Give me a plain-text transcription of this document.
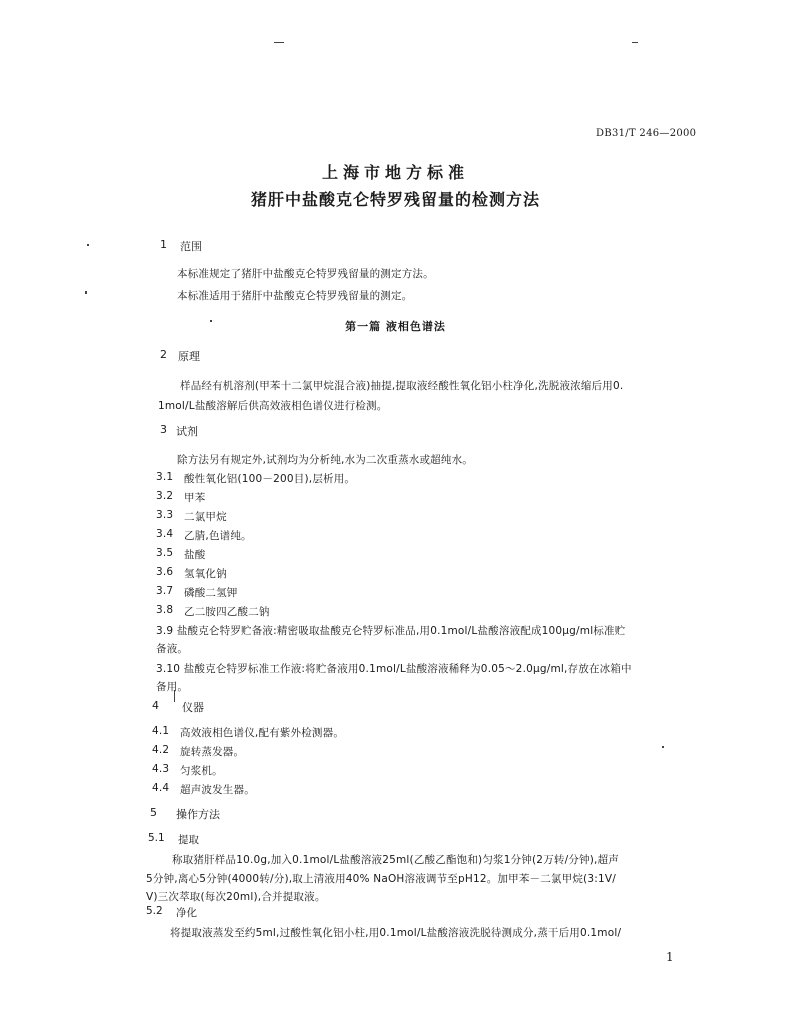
DB31/T 246—2000
上海市地方标准
猪肝中盐酸克仑特罗残留量的检测方法
1 范围
本标准规定了猪肝中盐酸克仑特罗残留量的测定方法。
本标准适用于猪肝中盐酸克仑特罗残留量的测定。
第一篇 液相色谱法
2 原理
样品经有机溶剂(甲苯十二氯甲烷混合液)抽提,提取液经酸性氧化铝小柱净化,洗脱液浓缩后用0.
1mol/L盐酸溶解后供高效液相色谱仪进行检测。
3 试剂
除方法另有规定外,试剂均为分析纯,水为二次重蒸水或超纯水。
3.1 酸性氧化铝(100－200目),层析用。
3.2 甲苯
3.3 二氯甲烷
3.4 乙腈,色谱纯。
3.5 盐酸
3.6 氢氧化钠
3.7 磷酸二氢钾
3.8 乙二胺四乙酸二钠
3.9 盐酸克仑特罗贮备液:精密吸取盐酸克仑特罗标准品,用0.1mol/L盐酸溶液配成100μg/ml标准贮
备液。
3.10 盐酸克仑特罗标准工作液:将贮备液用0.1mol/L盐酸溶液稀释为0.05～2.0μg/ml,存放在冰箱中
备用。
4 仪器
4.1 高效液相色谱仪,配有紫外检测器。
4.2 旋转蒸发器。
4.3 匀浆机。
4.4 超声波发生器。
5 操作方法
5.1 提取
称取猪肝样品10.0g,加入0.1mol/L盐酸溶液25ml(乙酸乙酯饱和)匀浆1分钟(2万转/分钟),超声
5分钟,离心5分钟(4000转/分),取上清液用40% NaOH溶液调节至pH12。加甲苯－二氯甲烷(3:1V/
V)三次萃取(每次20ml),合并提取液。
5.2 净化
将提取液蒸发至约5ml,过酸性氧化铝小柱,用0.1mol/L盐酸溶液洗脱待测成分,蒸干后用0.1mol/
1
